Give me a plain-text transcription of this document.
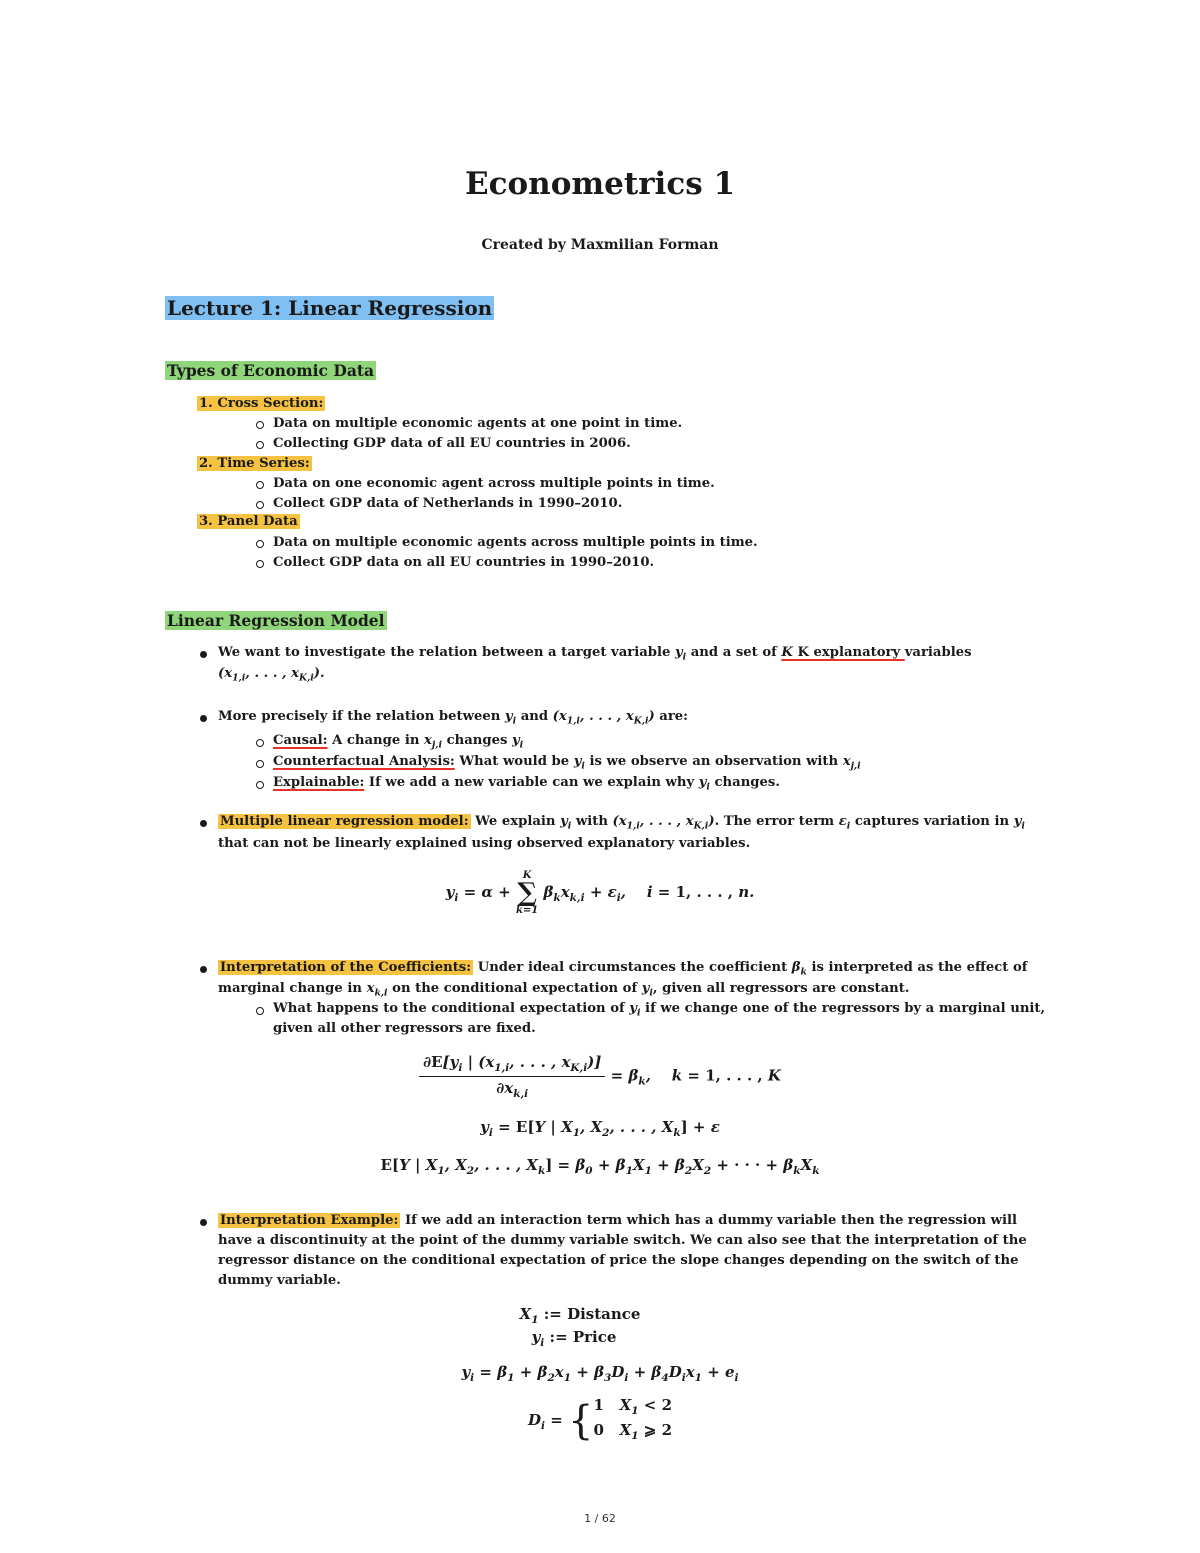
Econometrics 1
Created by Maxmilian Forman
Lecture 1: Linear Regression
Types of Economic Data
1. Cross Section:
Data on multiple economic agents at one point in time.
Collecting GDP data of all EU countries in 2006.
2. Time Series:
Data on one economic agent across multiple points in time.
Collect GDP data of Netherlands in 1990–2010.
3. Panel Data
Data on multiple economic agents across multiple points in time.
Collect GDP data on all EU countries in 1990–2010.
Linear Regression Model
We want to investigate the relation between a target variable $y_i$ and a set of K K explanatory variables
($x_{1,i}$, . . . , $x_{K,i}$).
More precisely if the relation between $y_i$ and ($x_{1,i}$, . . . , $x_{K,i}$) are:
Causal: A change in $x_{j,i}$ changes $y_i$
Counterfactual Analysis: What would be $y_i$ is we observe an observation with $x_{j,i}$
Explainable: If we add a new variable can we explain why $y_i$ changes.
Multiple linear regression model: We explain $y_i$ with ($x_{1,i}$, . . . , $x_{K,i}$). The error term $\varepsilon_i$ captures variation in $y_i$
that can not be linearly explained using observed explanatory variables.
$y_i = \alpha$ +
K
∑
k=1
$\beta_kx_{k,i} + \varepsilon_i$,    i = 1, . . . , n.
Interpretation of the Coefficients: Under ideal circumstances the coefficient $\beta_k$ is interpreted as the effect of
marginal change in $x_{k,i}$ on the conditional expectation of $y_i$, given all regressors are constant.
What happens to the conditional expectation of $y_i$ if we change one of the regressors by a marginal unit,
given all other regressors are fixed.
$\frac{\partial E[y_i | (x_{1,i}, . . . , x_{K,i})]}{\partial x_{k,i}} = \beta_k$,    k = 1, . . . , K
$y_i = E[Y$ | $X_1$, $X_2$, . . . , $X_k] + \varepsilon$
E[Y | $X_1$, $X_2$, . . . , $X_k] = \beta_0 + \beta_1X_1 + \beta_2X_2$ + · · · + $\beta_kX_k$
Interpretation Example: If we add an interaction term which has a dummy variable then the regression will have a discontinuity at the point of the dummy variable switch. We can also see that the interpretation of the regressor distance on the conditional expectation of price the slope changes depending on the switch of the dummy variable.
$X_1$ := Distance
$y_i$ := Price
$y_i = \beta_1 + \beta_2x_1 + \beta_3D_i + \beta_4D_ix_1 + e_i$
$D_i = \{1$   $X_1 < 2$
0   $X_1$ ⩾ 2
1 / 62
